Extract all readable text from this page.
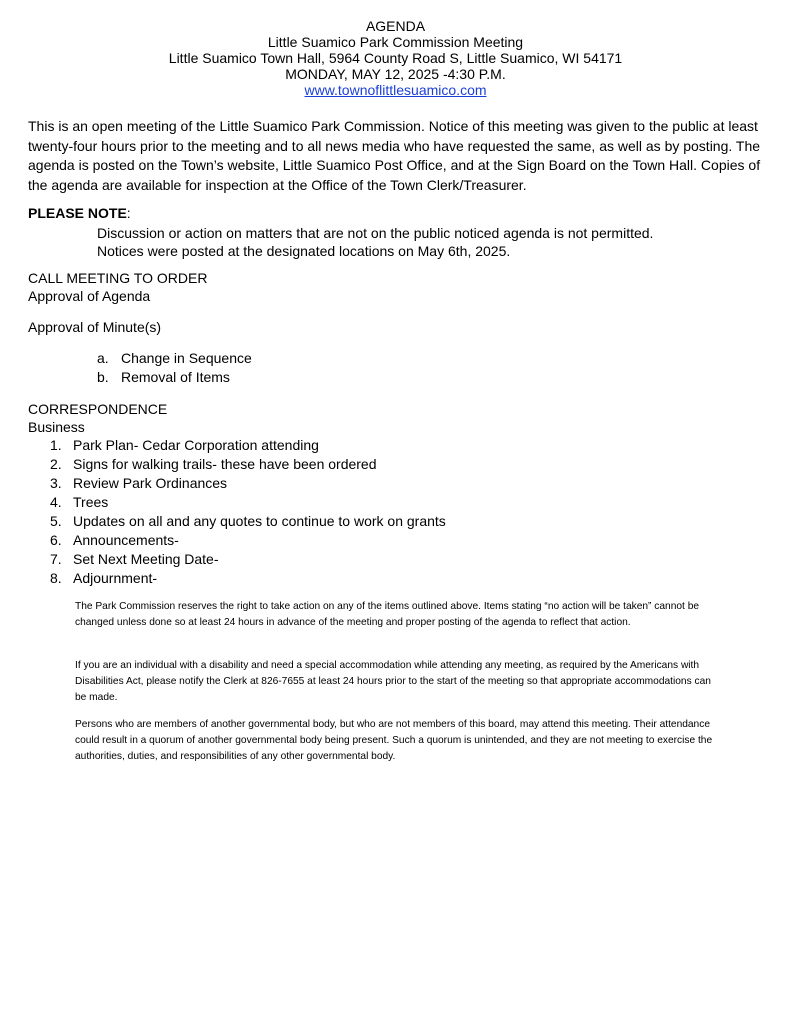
AGENDA
Little Suamico Park Commission Meeting
Little Suamico Town Hall, 5964 County Road S, Little Suamico, WI 54171
MONDAY, MAY 12, 2025 -4:30 P.M.
www.townoflittlesuamico.com
This is an open meeting of the Little Suamico Park Commission. Notice of this meeting was given to the public at least twenty-four hours prior to the meeting and to all news media who have requested the same, as well as by posting. The agenda is posted on the Town’s website, Little Suamico Post Office, and at the Sign Board on the Town Hall. Copies of the agenda are available for inspection at the Office of the Town Clerk/Treasurer.
PLEASE NOTE:
Discussion or action on matters that are not on the public noticed agenda is not permitted.
Notices were posted at the designated locations on May 6th, 2025.
CALL MEETING TO ORDER
Approval of Agenda
Approval of Minute(s)
a. Change in Sequence
b. Removal of Items
CORRESPONDENCE
Business
1. Park Plan- Cedar Corporation attending
2. Signs for walking trails- these have been ordered
3. Review Park Ordinances
4. Trees
5. Updates on all and any quotes to continue to work on grants
6. Announcements-
7. Set Next Meeting Date-
8. Adjournment-
The Park Commission reserves the right to take action on any of the items outlined above. Items stating “no action will be taken” cannot be changed unless done so at least 24 hours in advance of the meeting and proper posting of the agenda to reflect that action.
If you are an individual with a disability and need a special accommodation while attending any meeting, as required by the Americans with Disabilities Act, please notify the Clerk at 826-7655 at least 24 hours prior to the start of the meeting so that appropriate accommodations can be made.
Persons who are members of another governmental body, but who are not members of this board, may attend this meeting. Their attendance could result in a quorum of another governmental body being present. Such a quorum is unintended, and they are not meeting to exercise the authorities, duties, and responsibilities of any other governmental body.
